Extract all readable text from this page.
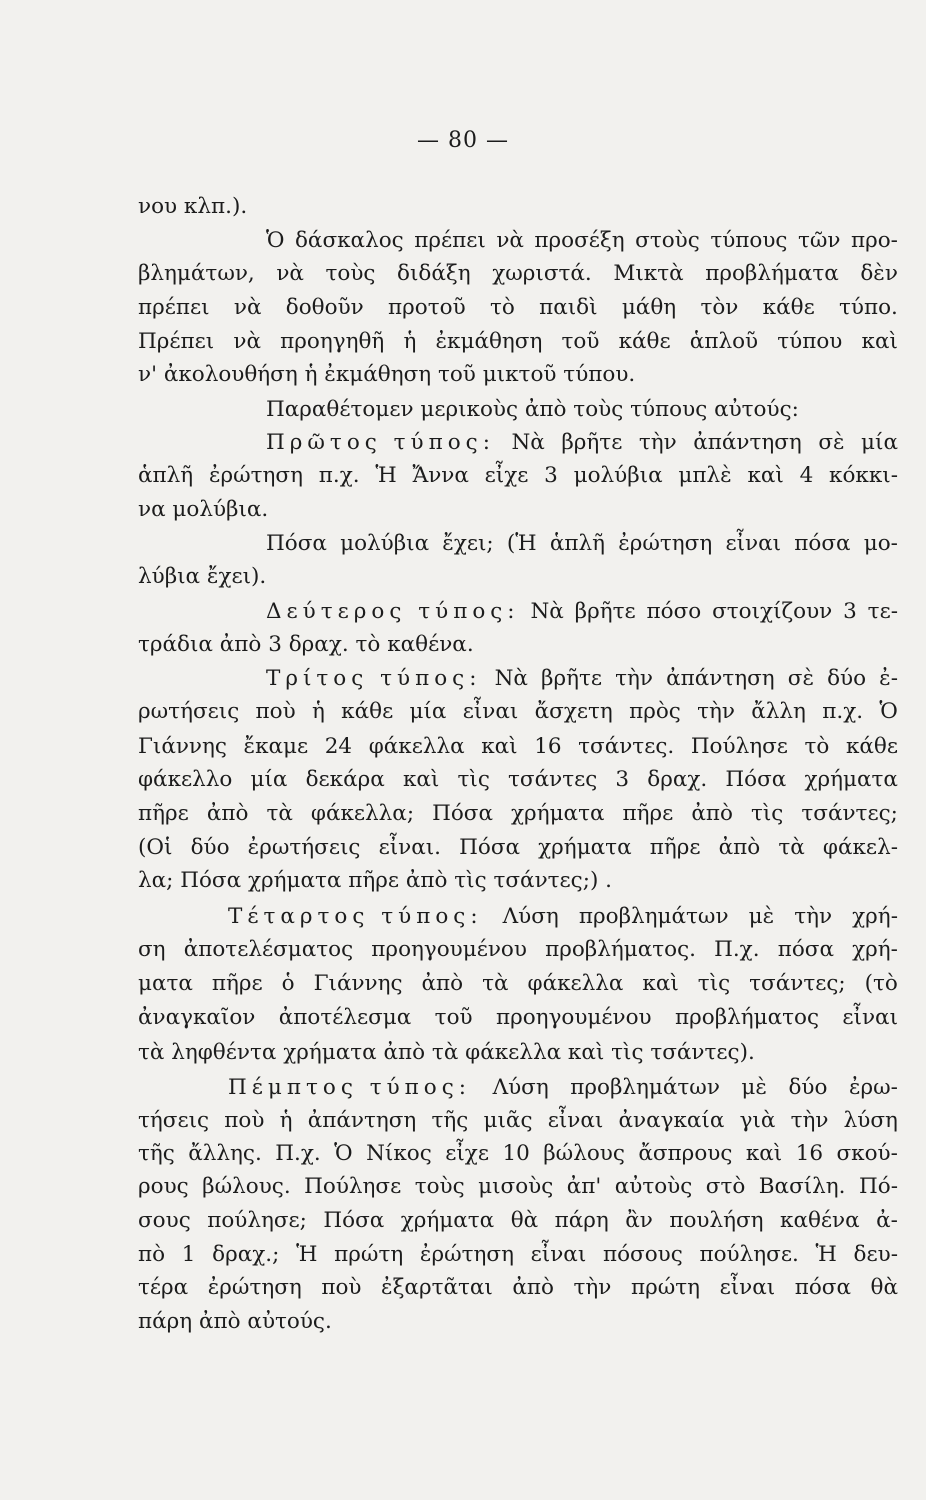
— 80 —
νου κλπ.).
Ὁ δάσκαλος πρέπει νὰ προσέξη στοὺς τύπους τῶν προ-
βλημάτων, νὰ τοὺς διδάξη χωριστά. Μικτὰ προβλήματα δὲν
πρέπει νὰ δοθοῦν προτοῦ τὸ παιδὶ μάθη τὸν κάθε τύπο.
Πρέπει νὰ προηγηθῆ ἡ ἐκμάθηση τοῦ κάθε ἁπλοῦ τύπου καὶ
ν' ἀκολουθήση ἡ ἐκμάθηση τοῦ μικτοῦ τύπου.
Παραθέτομεν μερικοὺς ἀπὸ τοὺς τύπους αὐτούς:
Πρῶτος τύπος: Νὰ βρῆτε τὴν ἀπάντηση σὲ μία
ἁπλῆ ἐρώτηση π.χ. Ἡ Ἄννα εἶχε 3 μολύβια μπλὲ καὶ 4 κόκκι-
να μολύβια.
Πόσα μολύβια ἔχει; (Ἡ ἁπλῆ ἐρώτηση εἶναι πόσα μο-
λύβια ἔχει).
Δεύτερος τύπος: Νὰ βρῆτε πόσο στοιχίζουν 3 τε-
τράδια ἀπὸ 3 δραχ. τὸ καθένα.
Τρίτος τύπος: Νὰ βρῆτε τὴν ἀπάντηση σὲ δύο ἐ-
ρωτήσεις ποὺ ἡ κάθε μία εἶναι ἄσχετη πρὸς τὴν ἄλλη π.χ. Ὁ
Γιάννης ἔκαμε 24 φάκελλα καὶ 16 τσάντες. Πούλησε τὸ κάθε
φάκελλο μία δεκάρα καὶ τὶς τσάντες 3 δραχ. Πόσα χρήματα
πῆρε ἀπὸ τὰ φάκελλα; Πόσα χρήματα πῆρε ἀπὸ τὶς τσάντες;
(Οἱ δύο ἐρωτήσεις εἶναι. Πόσα χρήματα πῆρε ἀπὸ τὰ φάκελ-
λα; Πόσα χρήματα πῆρε ἀπὸ τὶς τσάντες;) .
Τέταρτος τύπος: Λύση προβλημάτων μὲ τὴν χρή-
ση ἀποτελέσματος προηγουμένου προβλήματος. Π.χ. πόσα χρή-
ματα πῆρε ὁ Γιάννης ἀπὸ τὰ φάκελλα καὶ τὶς τσάντες; (τὸ
ἀναγκαῖον ἀποτέλεσμα τοῦ προηγουμένου προβλήματος εἶναι
τὰ ληφθέντα χρήματα ἀπὸ τὰ φάκελλα καὶ τὶς τσάντες).
Πέμπτος τύπος: Λύση προβλημάτων μὲ δύο ἐρω-
τήσεις ποὺ ἡ ἀπάντηση τῆς μιᾶς εἶναι ἀναγκαία γιὰ τὴν λύση
τῆς ἄλλης. Π.χ. Ὁ Νίκος εἶχε 10 βώλους ἄσπρους καὶ 16 σκού-
ρους βώλους. Πούλησε τοὺς μισοὺς ἀπ' αὐτοὺς στὸ Βασίλη. Πό-
σους πούλησε; Πόσα χρήματα θὰ πάρη ἂν πουλήση καθένα ἀ-
πὸ 1 δραχ.; Ἡ πρώτη ἐρώτηση εἶναι πόσους πούλησε. Ἡ δευ-
τέρα ἐρώτηση ποὺ ἐξαρτᾶται ἀπὸ τὴν πρώτη εἶναι πόσα θὰ
πάρη ἀπὸ αὐτούς.
